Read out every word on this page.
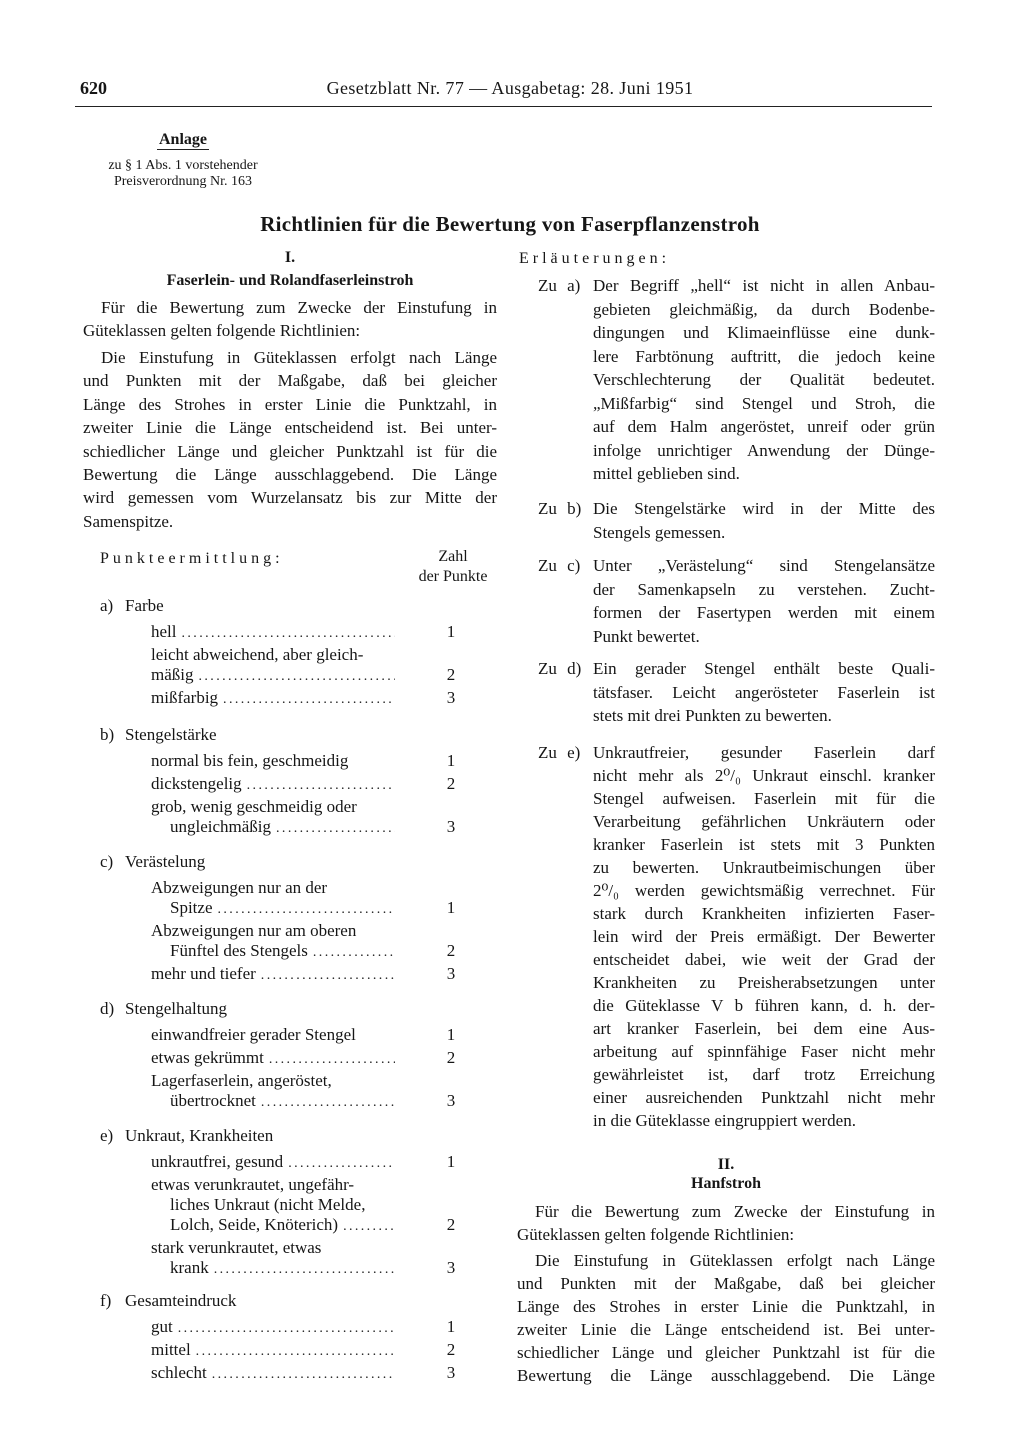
620	Gesetzblatt Nr. 77 — Ausgabetag: 28. Juni 1951
Anlage
zu § 1 Abs. 1 vorstehender
Preisverordnung Nr. 163
Richtlinien für die Bewertung von Faserpflanzenstroh
I.
Faserlein- und Rolandfaserleinstroh
Für die Bewertung zum Zwecke der Einstufung in
Güteklassen gelten folgende Richtlinien:
Die Einstufung in Güteklassen erfolgt nach Länge
und Punkten mit der Maßgabe, daß bei gleicher
Länge des Strohes in erster Linie die Punktzahl, in
zweiter Linie die Länge entscheidend ist. Bei unter-
schiedlicher Länge und gleicher Punktzahl ist für die
Bewertung die Länge ausschlaggebend. Die Länge
wird gemessen vom Wurzelansatz bis zur Mitte der
Samenspitze.
Punkteermittlung:	Zahl
der Punkte
a) Farbe
hell .....	1
leicht abweichend, aber gleich-
mäßig .....	2
mißfarbig .....	3
b) Stengelstärke
normal bis fein, geschmeidig	1
dickstengelig .....	2
grob, wenig geschmeidig oder
ungleichmäßig .....	3
c) Verästelung
Abzweigungen nur an der
Spitze .....	1
Abzweigungen nur am oberen
Fünftel des Stengels .....	2
mehr und tiefer .....	3
d) Stengelhaltung
einwandfreier gerader Stengel	1
etwas gekrümmt .....	2
Lagerfaserlein, angeröstet,
übertrocknet .....	3
e) Unkraut, Krankheiten
unkrautfrei, gesund .....	1
etwas verunkrautet, ungefähr-
liches Unkraut (nicht Melde,
Lolch, Seide, Knöterich) .....	2
stark verunkrautet, etwas
krank .....	3
f) Gesamteindruck
gut .....	1
mittel .....	2
schlecht .....	3
Erläuterungen:
Zu a) Der Begriff „hell“ ist nicht in allen Anbau-
gebieten gleichmäßig, da durch Bodenbe-
dingungen und Klimaeinflüsse eine dunk-
lere Farbtönung auftritt, die jedoch keine
Verschlechterung der Qualität bedeutet.
„Mißfarbig“ sind Stengel und Stroh, die
auf dem Halm angeröstet, unreif oder grün
infolge unrichtiger Anwendung der Dünge-
mittel geblieben sind.
Zu b) Die Stengelstärke wird in der Mitte des
Stengels gemessen.
Zu c) Unter „Verästelung“ sind Stengelansätze
der Samenkapseln zu verstehen. Zucht-
formen der Fasertypen werden mit einem
Punkt bewertet.
Zu d) Ein gerader Stengel enthält beste Quali-
tätsfaser. Leicht angerösteter Faserlein ist
stets mit drei Punkten zu bewerten.
Zu e) Unkrautfreier, gesunder Faserlein darf
nicht mehr als 2⁰/₀ Unkraut einschl. kranker
Stengel aufweisen. Faserlein mit für die
Verarbeitung gefährlichen Unkräutern oder
kranker Faserlein ist stets mit 3 Punkten
zu bewerten. Unkrautbeimischungen über
2⁰/₀ werden gewichtsmäßig verrechnet. Für
stark durch Krankheiten infizierten Faser-
lein wird der Preis ermäßigt. Der Bewerter
entscheidet dabei, wie weit der Grad der
Krankheiten zu Preisherabsetzungen unter
die Güteklasse V b führen kann, d. h. der-
art kranker Faserlein, bei dem eine Aus-
arbeitung auf spinnfähige Faser nicht mehr
gewährleistet ist, darf trotz Erreichung
einer ausreichenden Punktzahl nicht mehr
in die Güteklasse eingruppiert werden.
II.
Hanfstroh
Für die Bewertung zum Zwecke der Einstufung in
Güteklassen gelten folgende Richtlinien:
Die Einstufung in Güteklassen erfolgt nach Länge
und Punkten mit der Maßgabe, daß bei gleicher
Länge des Strohes in erster Linie die Punktzahl, in
zweiter Linie die Länge entscheidend ist. Bei unter-
schiedlicher Länge und gleicher Punktzahl ist für die
Bewertung die Länge ausschlaggebend. Die Länge
